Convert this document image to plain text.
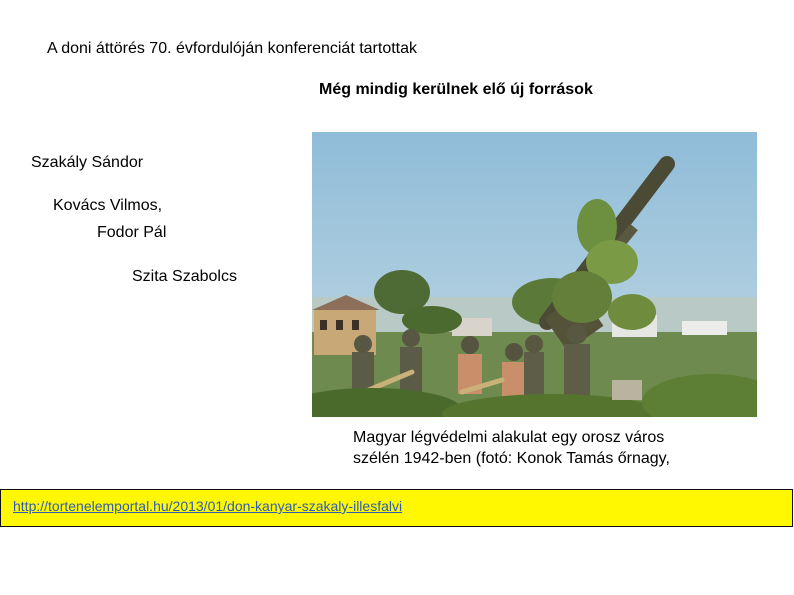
A doni áttörés 70. évfordulóján konferenciát tartottak
Még mindig kerülnek elő új források
Szakály Sándor
Kovács Vilmos,
Fodor Pál
Szita Szabolcs
Magyar légvédelmi alakulat egy orosz város
szélén 1942-ben (fotó: Konok Tamás őrnagy,
http://tortenelemportal.hu/2013/01/don-kanyar-szakaly-illesfalvi
